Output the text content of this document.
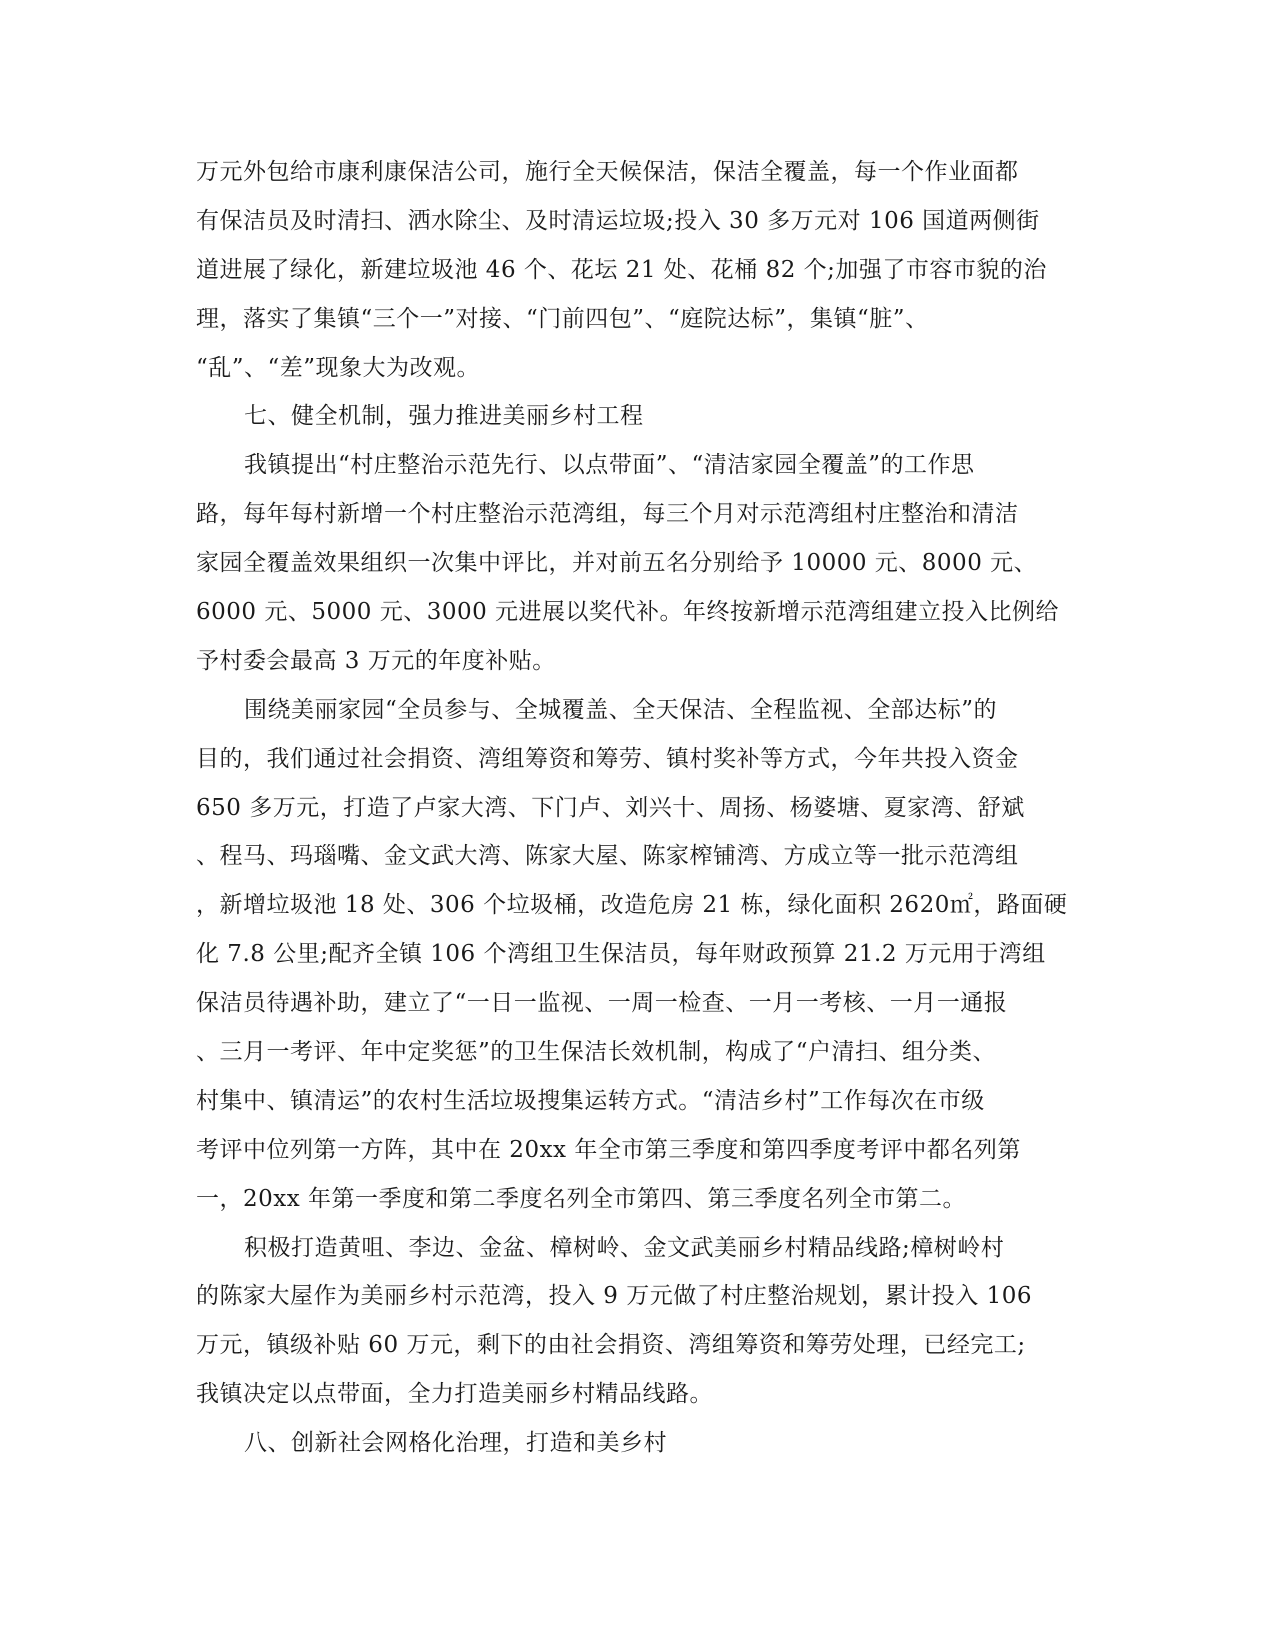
万元外包给市康利康保洁公司，施行全天候保洁，保洁全覆盖，每一个作业面都
有保洁员及时清扫、洒水除尘、及时清运垃圾;投入 30 多万元对 106 国道两侧街
道进展了绿化，新建垃圾池 46 个、花坛 21 处、花桶 82 个;加强了市容市貌的治
理，落实了集镇“三个一”对接、“门前四包”、“庭院达标”，集镇“脏”、
“乱”、“差”现象大为改观。
七、健全机制，强力推进美丽乡村工程
我镇提出“村庄整治示范先行、以点带面”、“清洁家园全覆盖”的工作思
路，每年每村新增一个村庄整治示范湾组，每三个月对示范湾组村庄整治和清洁
家园全覆盖效果组织一次集中评比，并对前五名分别给予 10000 元、8000 元、
6000 元、5000 元、3000 元进展以奖代补。年终按新增示范湾组建立投入比例给
予村委会最高 3 万元的年度补贴。
围绕美丽家园“全员参与、全城覆盖、全天保洁、全程监视、全部达标”的
目的，我们通过社会捐资、湾组筹资和筹劳、镇村奖补等方式，今年共投入资金
650 多万元，打造了卢家大湾、下门卢、刘兴十、周扬、杨婆塘、夏家湾、舒斌
、程马、玛瑙嘴、金文武大湾、陈家大屋、陈家榨铺湾、方成立等一批示范湾组
，新增垃圾池 18 处、306 个垃圾桶，改造危房 21 栋，绿化面积 2620㎡，路面硬
化 7.8 公里;配齐全镇 106 个湾组卫生保洁员，每年财政预算 21.2 万元用于湾组
保洁员待遇补助，建立了“一日一监视、一周一检查、一月一考核、一月一通报
、三月一考评、年中定奖惩”的卫生保洁长效机制，构成了“户清扫、组分类、
村集中、镇清运”的农村生活垃圾搜集运转方式。“清洁乡村”工作每次在市级
考评中位列第一方阵，其中在 20xx 年全市第三季度和第四季度考评中都名列第
一，20xx 年第一季度和第二季度名列全市第四、第三季度名列全市第二。
积极打造黄咀、李边、金盆、樟树岭、金文武美丽乡村精品线路;樟树岭村
的陈家大屋作为美丽乡村示范湾，投入 9 万元做了村庄整治规划，累计投入 106
万元，镇级补贴 60 万元，剩下的由社会捐资、湾组筹资和筹劳处理，已经完工;
我镇决定以点带面，全力打造美丽乡村精品线路。
八、创新社会网格化治理，打造和美乡村
